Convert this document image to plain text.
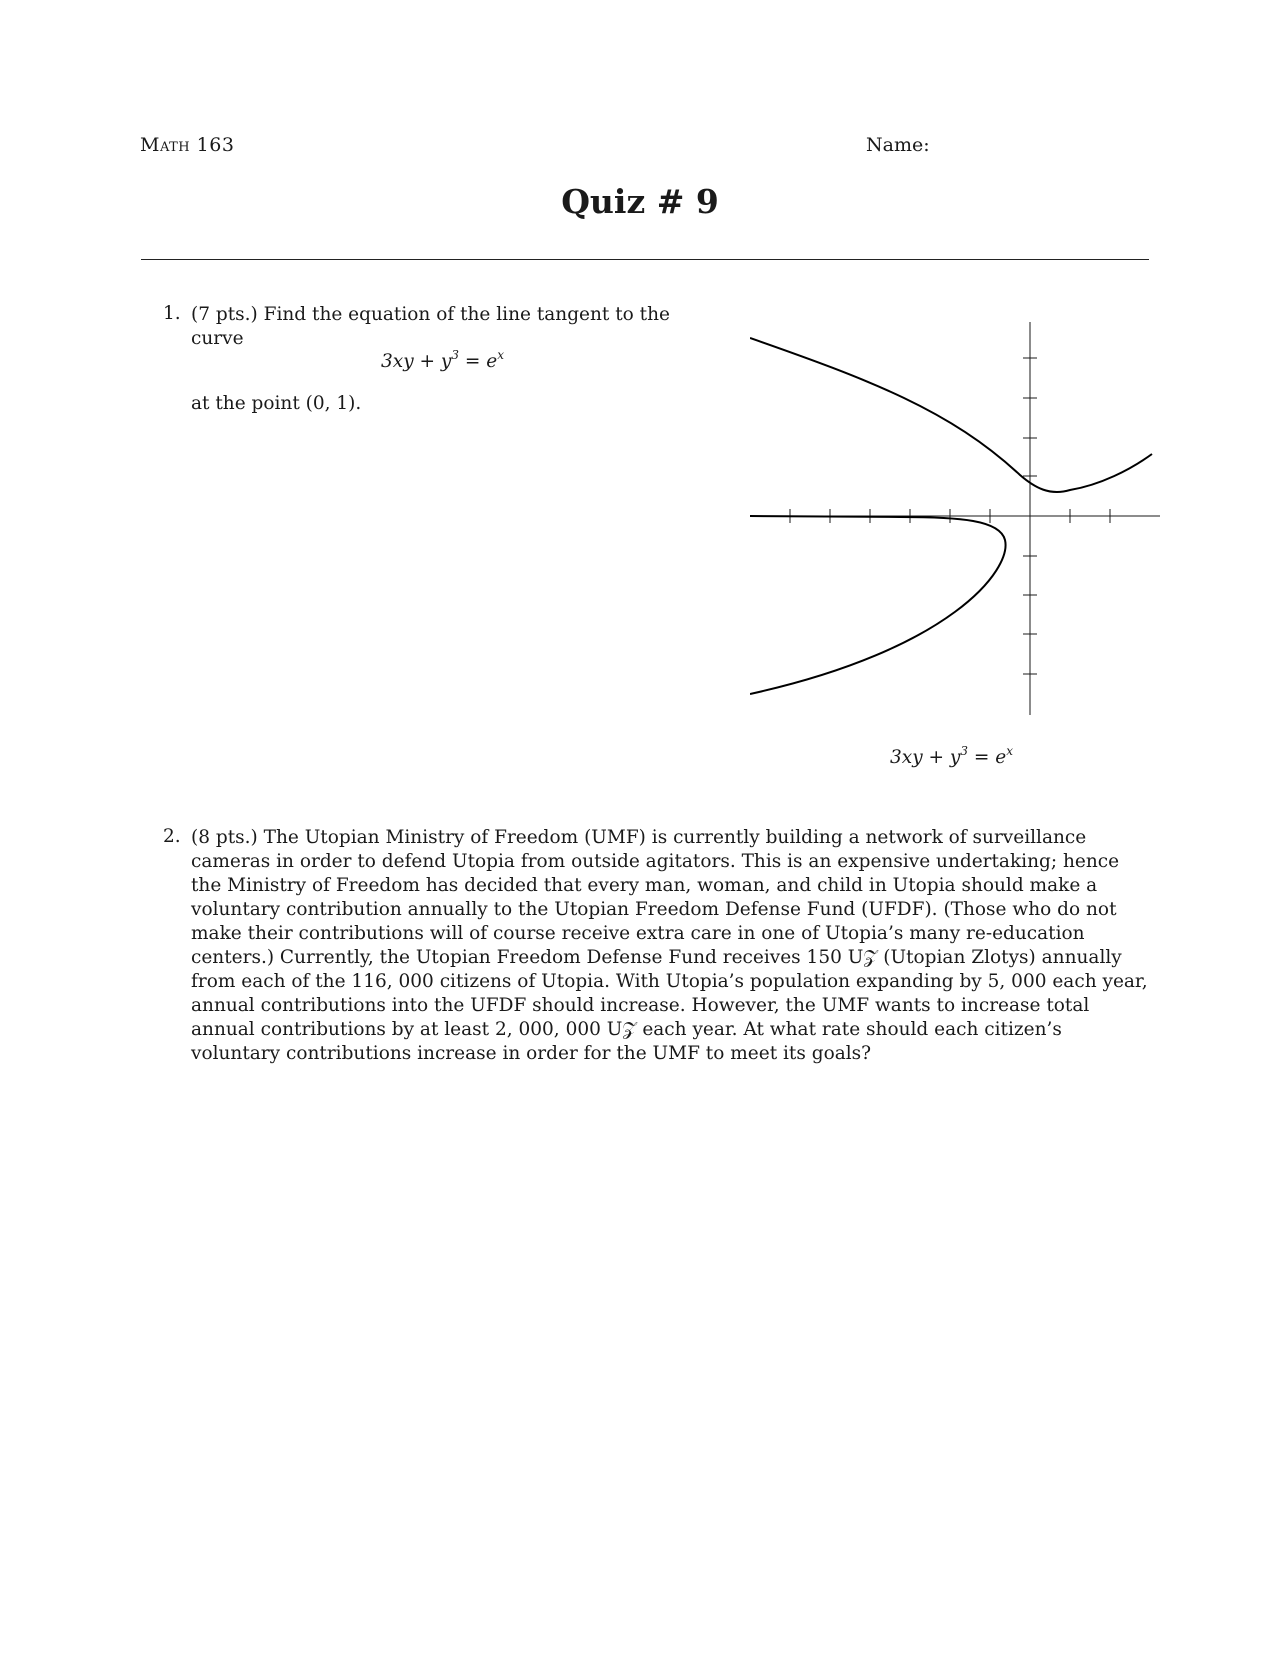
Math 163	Name:
Quiz # 9
1. (7 pts.) Find the equation of the line tangent to the curve
$3xy + y^3 = e^x$
at the point (0, 1).
$3xy + y^3 = e^x$
2. (8 pts.) The Utopian Ministry of Freedom (UMF) is currently building a network of surveillance cameras in order to defend Utopia from outside agitators. This is an expensive undertaking; hence the Ministry of Freedom has decided that every man, woman, and child in Utopia should make a voluntary contribution annually to the Utopian Freedom Defense Fund (UFDF). (Those who do not make their contributions will of course receive extra care in one of Utopia’s many re-education centers.) Currently, the Utopian Freedom Defense Fund receives 150 U𝒵 (Utopian Zlotys) annually from each of the 116, 000 citizens of Utopia. With Utopia’s population expanding by 5, 000 each year, annual contributions into the UFDF should increase. However, the UMF wants to increase total annual contributions by at least 2, 000, 000 U𝒵 each year. At what rate should each citizen’s voluntary contributions increase in order for the UMF to meet its goals?
